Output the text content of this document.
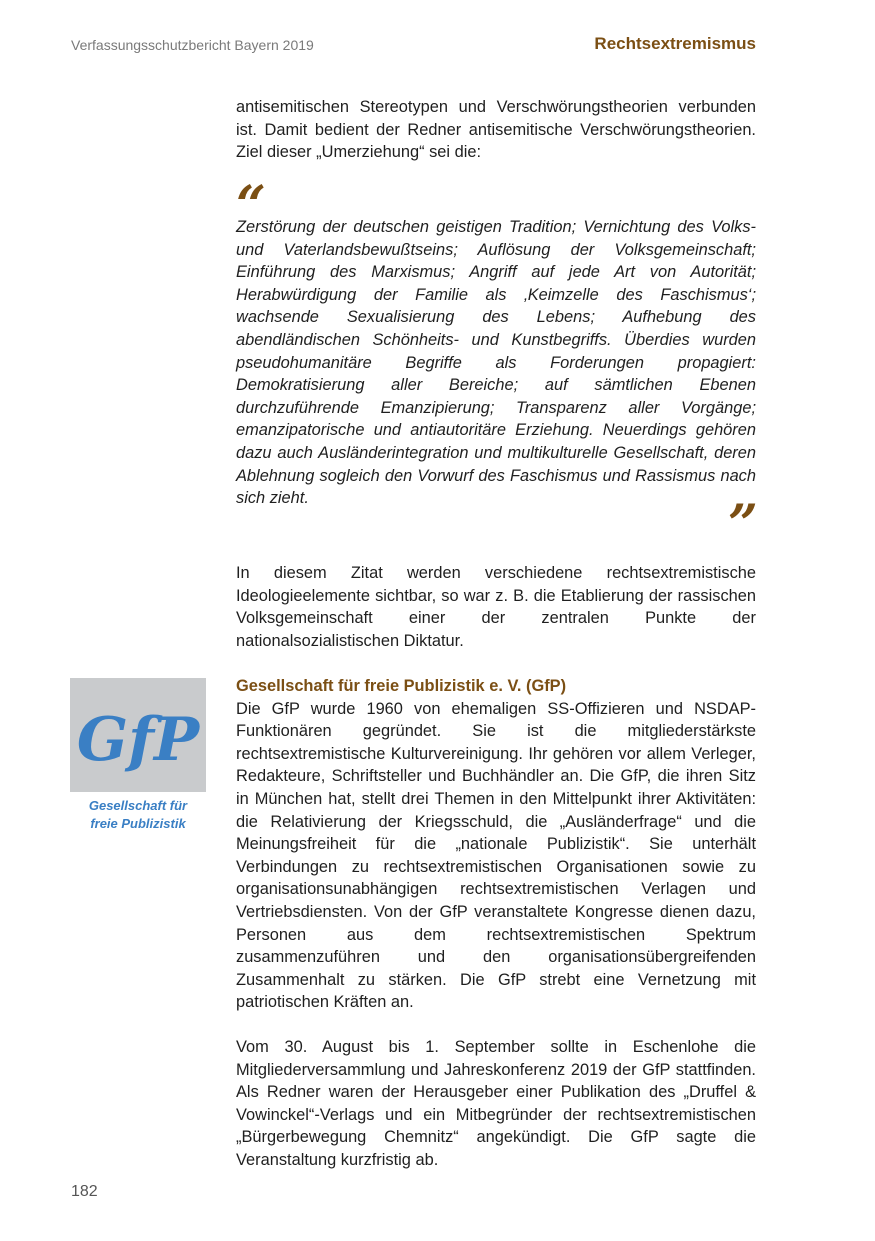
Verfassungsschutzbericht Bayern 2019	Rechtsextremismus

antisemitischen Stereotypen und Verschwörungstheorien verbunden ist. Damit bedient der Redner antisemitische Verschwörungstheorien. Ziel dieser „Umerziehung“ sei die:

“

Zerstörung der deutschen geistigen Tradition; Vernichtung des Volks- und Vaterlandsbewußtseins; Auflösung der Volksgemeinschaft; Einführung des Marxismus; Angriff auf jede Art von Autorität; Herabwürdigung der Familie als ‚Keimzelle des Faschismus‘; wachsende Sexualisierung des Lebens; Aufhebung des abendländischen Schönheits- und Kunstbegriffs. Überdies wurden pseudohumanitäre Begriffe als Forderungen propagiert: Demokratisierung aller Bereiche; auf sämtlichen Ebenen durchzuführende Emanzipierung; Transparenz aller Vorgänge; emanzipatorische und antiautoritäre Erziehung. Neuerdings gehören dazu auch Ausländerintegration und multikulturelle Gesellschaft, deren Ablehnung sogleich den Vorwurf des Faschismus und Rassismus nach sich zieht.	”

In diesem Zitat werden verschiedene rechtsextremistische Ideologieelemente sichtbar, so war z. B. die Etablierung der rassischen Volksgemeinschaft einer der zentralen Punkte der nationalsozialistischen Diktatur.

GfP
Gesellschaft für
freie Publizistik
Gesellschaft für freie Publizistik e. V. (GfP)

Die GfP wurde 1960 von ehemaligen SS-Offizieren und NSDAP-Funktionären gegründet. Sie ist die mitgliederstärkste rechtsextremistische Kulturvereinigung. Ihr gehören vor allem Verleger, Redakteure, Schriftsteller und Buchhändler an. Die GfP, die ihren Sitz in München hat, stellt drei Themen in den Mittelpunkt ihrer Aktivitäten: die Relativierung der Kriegsschuld, die „Ausländerfrage“ und die Meinungsfreiheit für die „nationale Publizistik“. Sie unterhält Verbindungen zu rechtsextremistischen Organisationen sowie zu organisationsunabhängigen rechtsextremistischen Verlagen und Vertriebsdiensten. Von der GfP veranstaltete Kongresse dienen dazu, Personen aus dem rechtsextremistischen Spektrum zusammenzuführen und den organisationsübergreifenden Zusammenhalt zu stärken. Die GfP strebt eine Vernetzung mit patriotischen Kräften an.

Vom 30. August bis 1. September sollte in Eschenlohe die Mitgliederversammlung und Jahreskonferenz 2019 der GfP stattfinden. Als Redner waren der Herausgeber einer Publikation des „Druffel & Vowinckel“-Verlags und ein Mitbegründer der rechtsextremistischen „Bürgerbewegung Chemnitz“ angekündigt. Die GfP sagte die Veranstaltung kurzfristig ab.

182
